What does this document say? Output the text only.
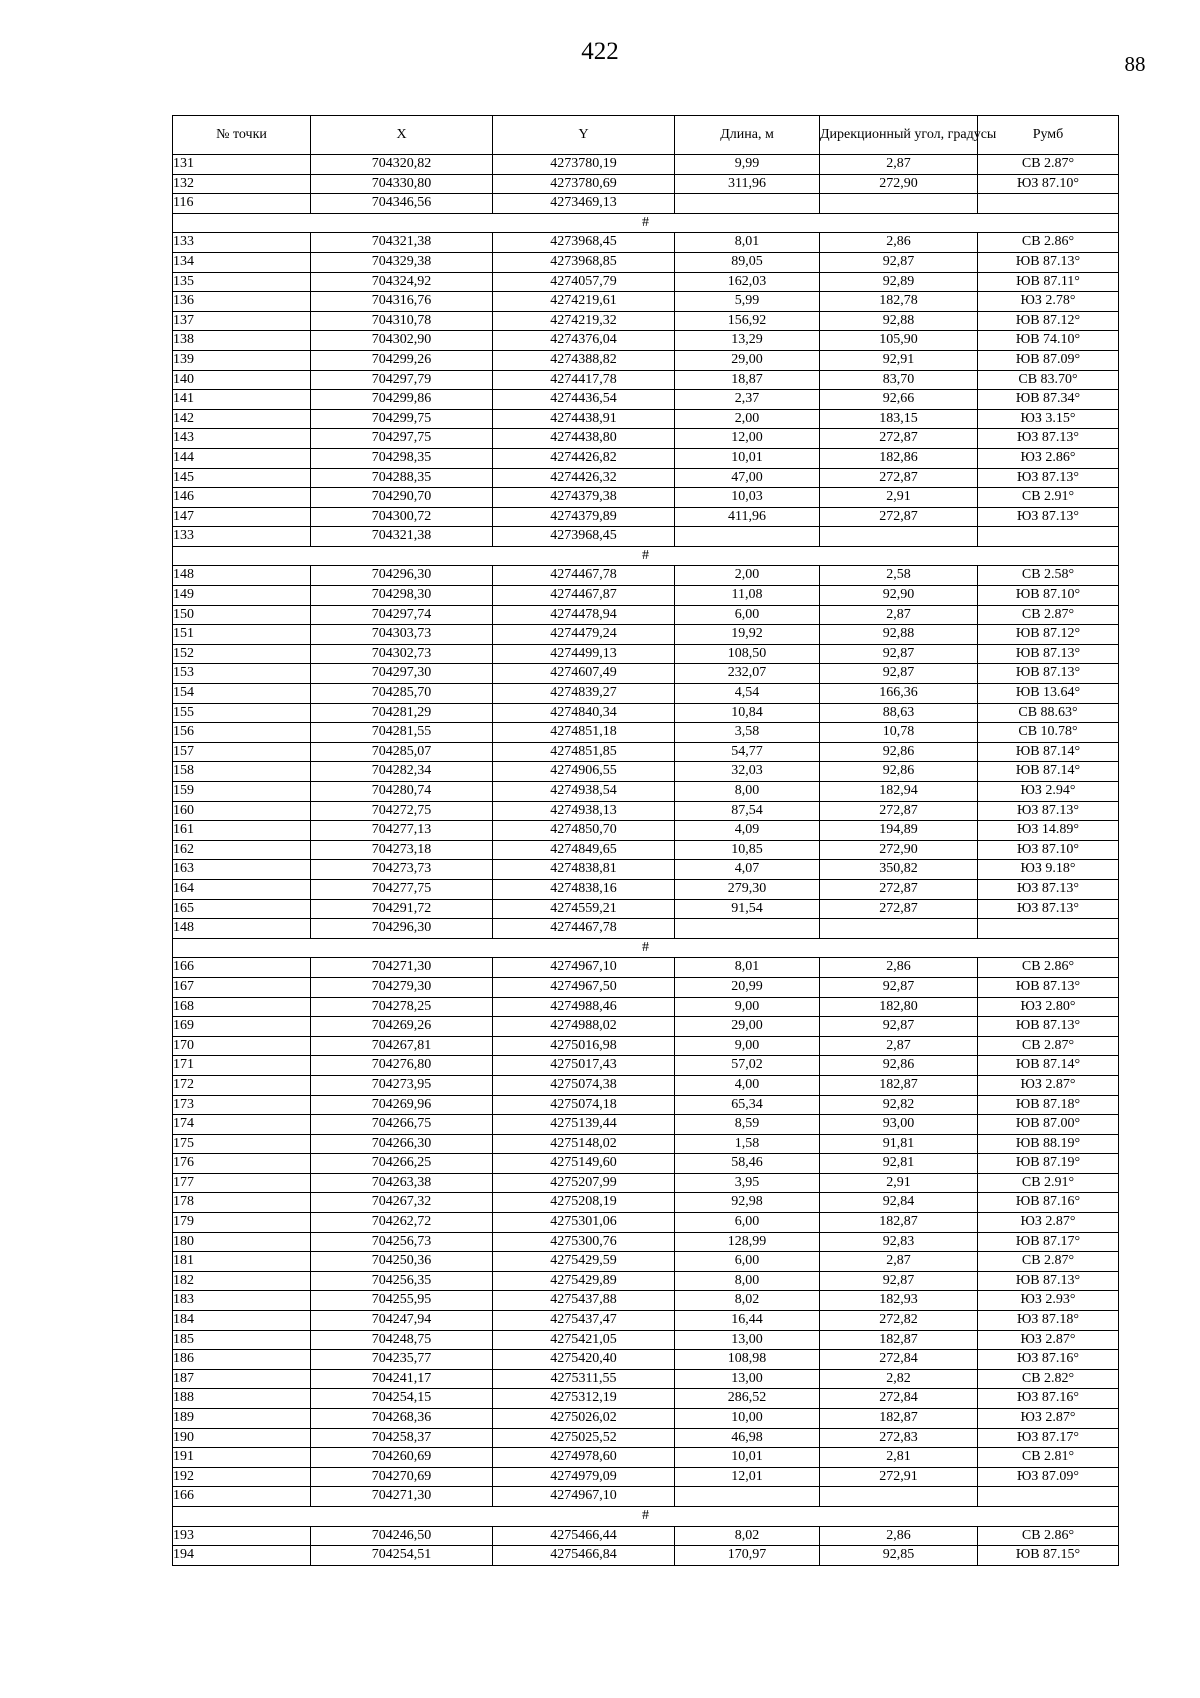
422	88
№ точки	X	Y	Длина, м	Дирекционный угол, градусы	Румб
131	704320,82	4273780,19	9,99	2,87	СВ 2.87°
132	704330,80	4273780,69	311,96	272,90	ЮЗ 87.10°
116	704346,56	4273469,13			
#					
133	704321,38	4273968,45	8,01	2,86	СВ 2.86°
134	704329,38	4273968,85	89,05	92,87	ЮВ 87.13°
135	704324,92	4274057,79	162,03	92,89	ЮВ 87.11°
136	704316,76	4274219,61	5,99	182,78	ЮЗ 2.78°
137	704310,78	4274219,32	156,92	92,88	ЮВ 87.12°
138	704302,90	4274376,04	13,29	105,90	ЮВ 74.10°
139	704299,26	4274388,82	29,00	92,91	ЮВ 87.09°
140	704297,79	4274417,78	18,87	83,70	СВ 83.70°
141	704299,86	4274436,54	2,37	92,66	ЮВ 87.34°
142	704299,75	4274438,91	2,00	183,15	ЮЗ 3.15°
143	704297,75	4274438,80	12,00	272,87	ЮЗ 87.13°
144	704298,35	4274426,82	10,01	182,86	ЮЗ 2.86°
145	704288,35	4274426,32	47,00	272,87	ЮЗ 87.13°
146	704290,70	4274379,38	10,03	2,91	СВ 2.91°
147	704300,72	4274379,89	411,96	272,87	ЮЗ 87.13°
133	704321,38	4273968,45			
#					
148	704296,30	4274467,78	2,00	2,58	СВ 2.58°
149	704298,30	4274467,87	11,08	92,90	ЮВ 87.10°
150	704297,74	4274478,94	6,00	2,87	СВ 2.87°
151	704303,73	4274479,24	19,92	92,88	ЮВ 87.12°
152	704302,73	4274499,13	108,50	92,87	ЮВ 87.13°
153	704297,30	4274607,49	232,07	92,87	ЮВ 87.13°
154	704285,70	4274839,27	4,54	166,36	ЮВ 13.64°
155	704281,29	4274840,34	10,84	88,63	СВ 88.63°
156	704281,55	4274851,18	3,58	10,78	СВ 10.78°
157	704285,07	4274851,85	54,77	92,86	ЮВ 87.14°
158	704282,34	4274906,55	32,03	92,86	ЮВ 87.14°
159	704280,74	4274938,54	8,00	182,94	ЮЗ 2.94°
160	704272,75	4274938,13	87,54	272,87	ЮЗ 87.13°
161	704277,13	4274850,70	4,09	194,89	ЮЗ 14.89°
162	704273,18	4274849,65	10,85	272,90	ЮЗ 87.10°
163	704273,73	4274838,81	4,07	350,82	ЮЗ 9.18°
164	704277,75	4274838,16	279,30	272,87	ЮЗ 87.13°
165	704291,72	4274559,21	91,54	272,87	ЮЗ 87.13°
148	704296,30	4274467,78			
#					
166	704271,30	4274967,10	8,01	2,86	СВ 2.86°
167	704279,30	4274967,50	20,99	92,87	ЮВ 87.13°
168	704278,25	4274988,46	9,00	182,80	ЮЗ 2.80°
169	704269,26	4274988,02	29,00	92,87	ЮВ 87.13°
170	704267,81	4275016,98	9,00	2,87	СВ 2.87°
171	704276,80	4275017,43	57,02	92,86	ЮВ 87.14°
172	704273,95	4275074,38	4,00	182,87	ЮЗ 2.87°
173	704269,96	4275074,18	65,34	92,82	ЮВ 87.18°
174	704266,75	4275139,44	8,59	93,00	ЮВ 87.00°
175	704266,30	4275148,02	1,58	91,81	ЮВ 88.19°
176	704266,25	4275149,60	58,46	92,81	ЮВ 87.19°
177	704263,38	4275207,99	3,95	2,91	СВ 2.91°
178	704267,32	4275208,19	92,98	92,84	ЮВ 87.16°
179	704262,72	4275301,06	6,00	182,87	ЮЗ 2.87°
180	704256,73	4275300,76	128,99	92,83	ЮВ 87.17°
181	704250,36	4275429,59	6,00	2,87	СВ 2.87°
182	704256,35	4275429,89	8,00	92,87	ЮВ 87.13°
183	704255,95	4275437,88	8,02	182,93	ЮЗ 2.93°
184	704247,94	4275437,47	16,44	272,82	ЮЗ 87.18°
185	704248,75	4275421,05	13,00	182,87	ЮЗ 2.87°
186	704235,77	4275420,40	108,98	272,84	ЮЗ 87.16°
187	704241,17	4275311,55	13,00	2,82	СВ 2.82°
188	704254,15	4275312,19	286,52	272,84	ЮЗ 87.16°
189	704268,36	4275026,02	10,00	182,87	ЮЗ 2.87°
190	704258,37	4275025,52	46,98	272,83	ЮЗ 87.17°
191	704260,69	4274978,60	10,01	2,81	СВ 2.81°
192	704270,69	4274979,09	12,01	272,91	ЮЗ 87.09°
166	704271,30	4274967,10			
#					
193	704246,50	4275466,44	8,02	2,86	СВ 2.86°
194	704254,51	4275466,84	170,97	92,85	ЮВ 87.15°
